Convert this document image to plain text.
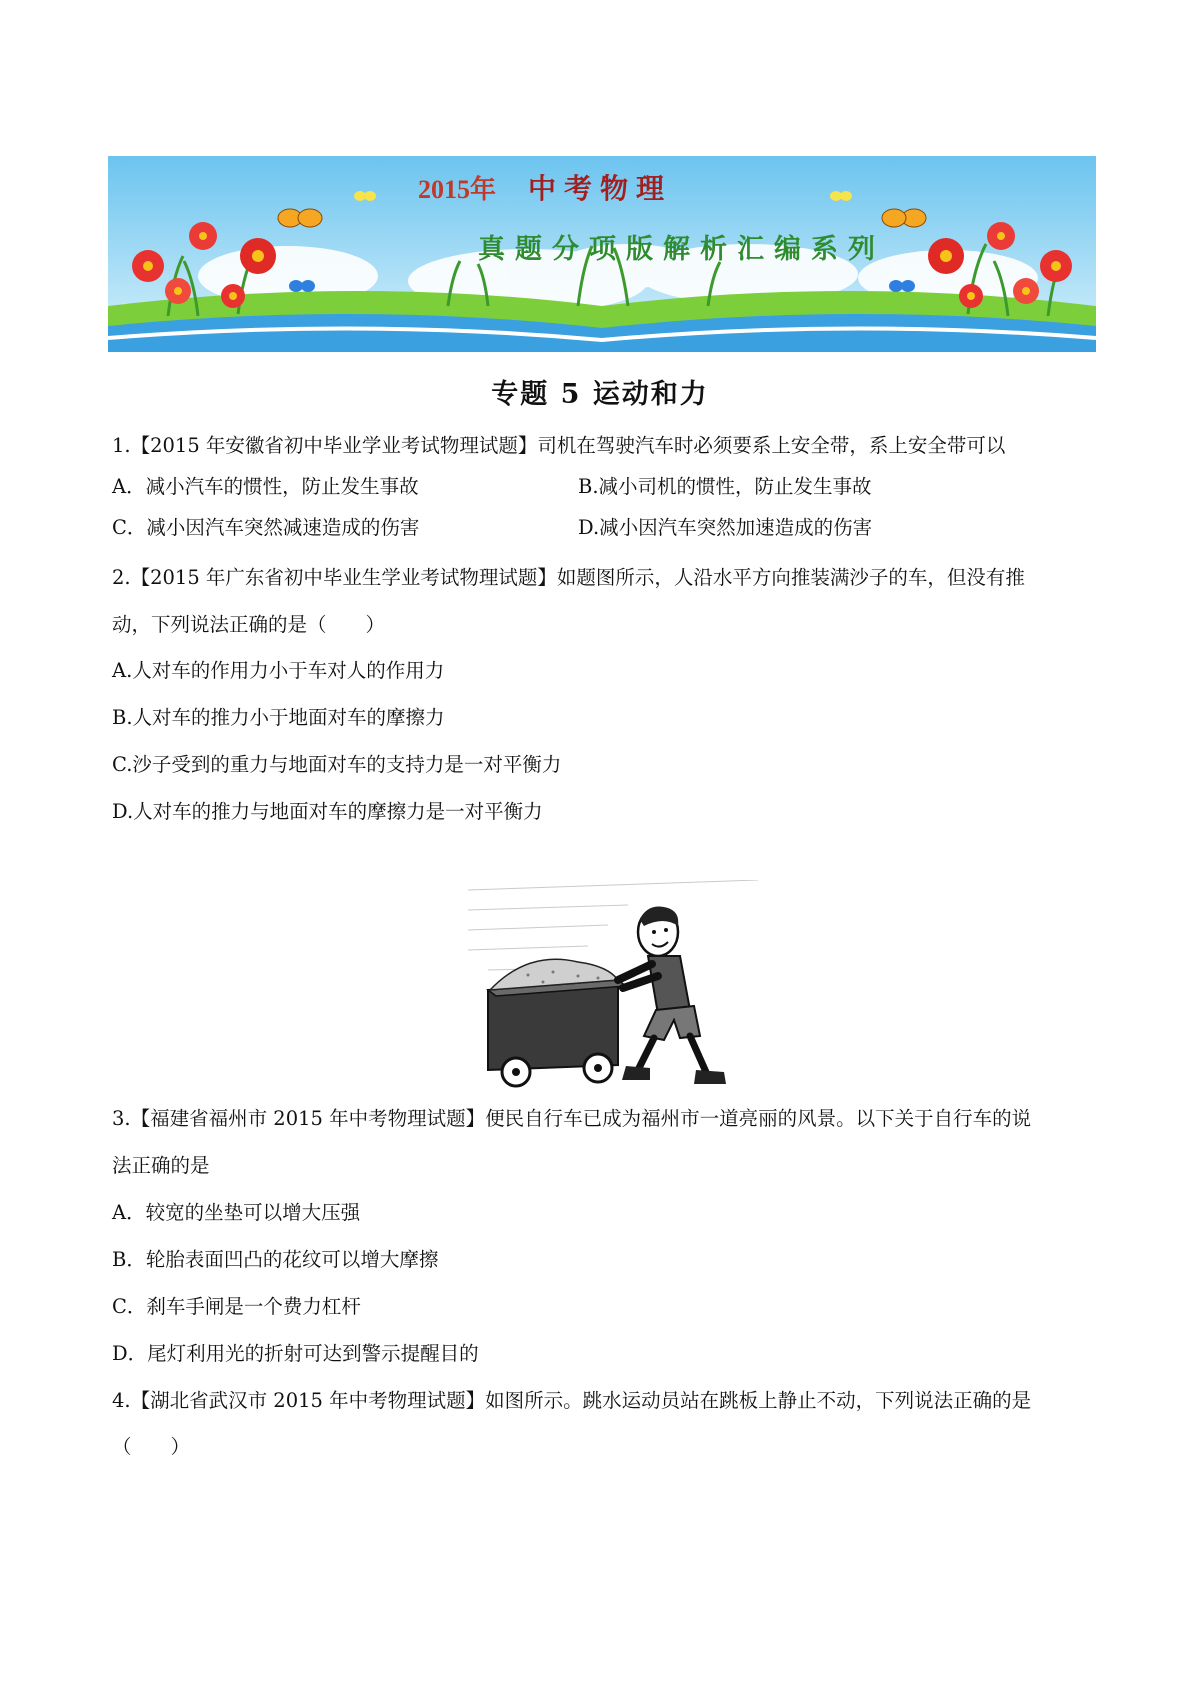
2015年 中考物理
真题分项版解析汇编系列
专题 5 运动和力
1.【2015 年安徽省初中毕业学业考试物理试题】司机在驾驶汽车时必须要系上安全带，系上安全带可以
A．减小汽车的惯性，防止发生事故	B.减小司机的惯性，防止发生事故
C．减小因汽车突然减速造成的伤害	D.减小因汽车突然加速造成的伤害
2.【2015 年广东省初中毕业生学业考试物理试题】如题图所示，人沿水平方向推装满沙子的车，但没有推
动，下列说法正确的是（　　）
A.人对车的作用力小于车对人的作用力
B.人对车的推力小于地面对车的摩擦力
C.沙子受到的重力与地面对车的支持力是一对平衡力
D.人对车的推力与地面对车的摩擦力是一对平衡力
3.【福建省福州市 2015 年中考物理试题】便民自行车已成为福州市一道亮丽的风景。以下关于自行车的说
法正确的是
A．较宽的坐垫可以增大压强
B．轮胎表面凹凸的花纹可以增大摩擦
C．刹车手闸是一个费力杠杆
D．尾灯利用光的折射可达到警示提醒目的
4.【湖北省武汉市 2015 年中考物理试题】如图所示。跳水运动员站在跳板上静止不动，下列说法正确的是
（　　）
